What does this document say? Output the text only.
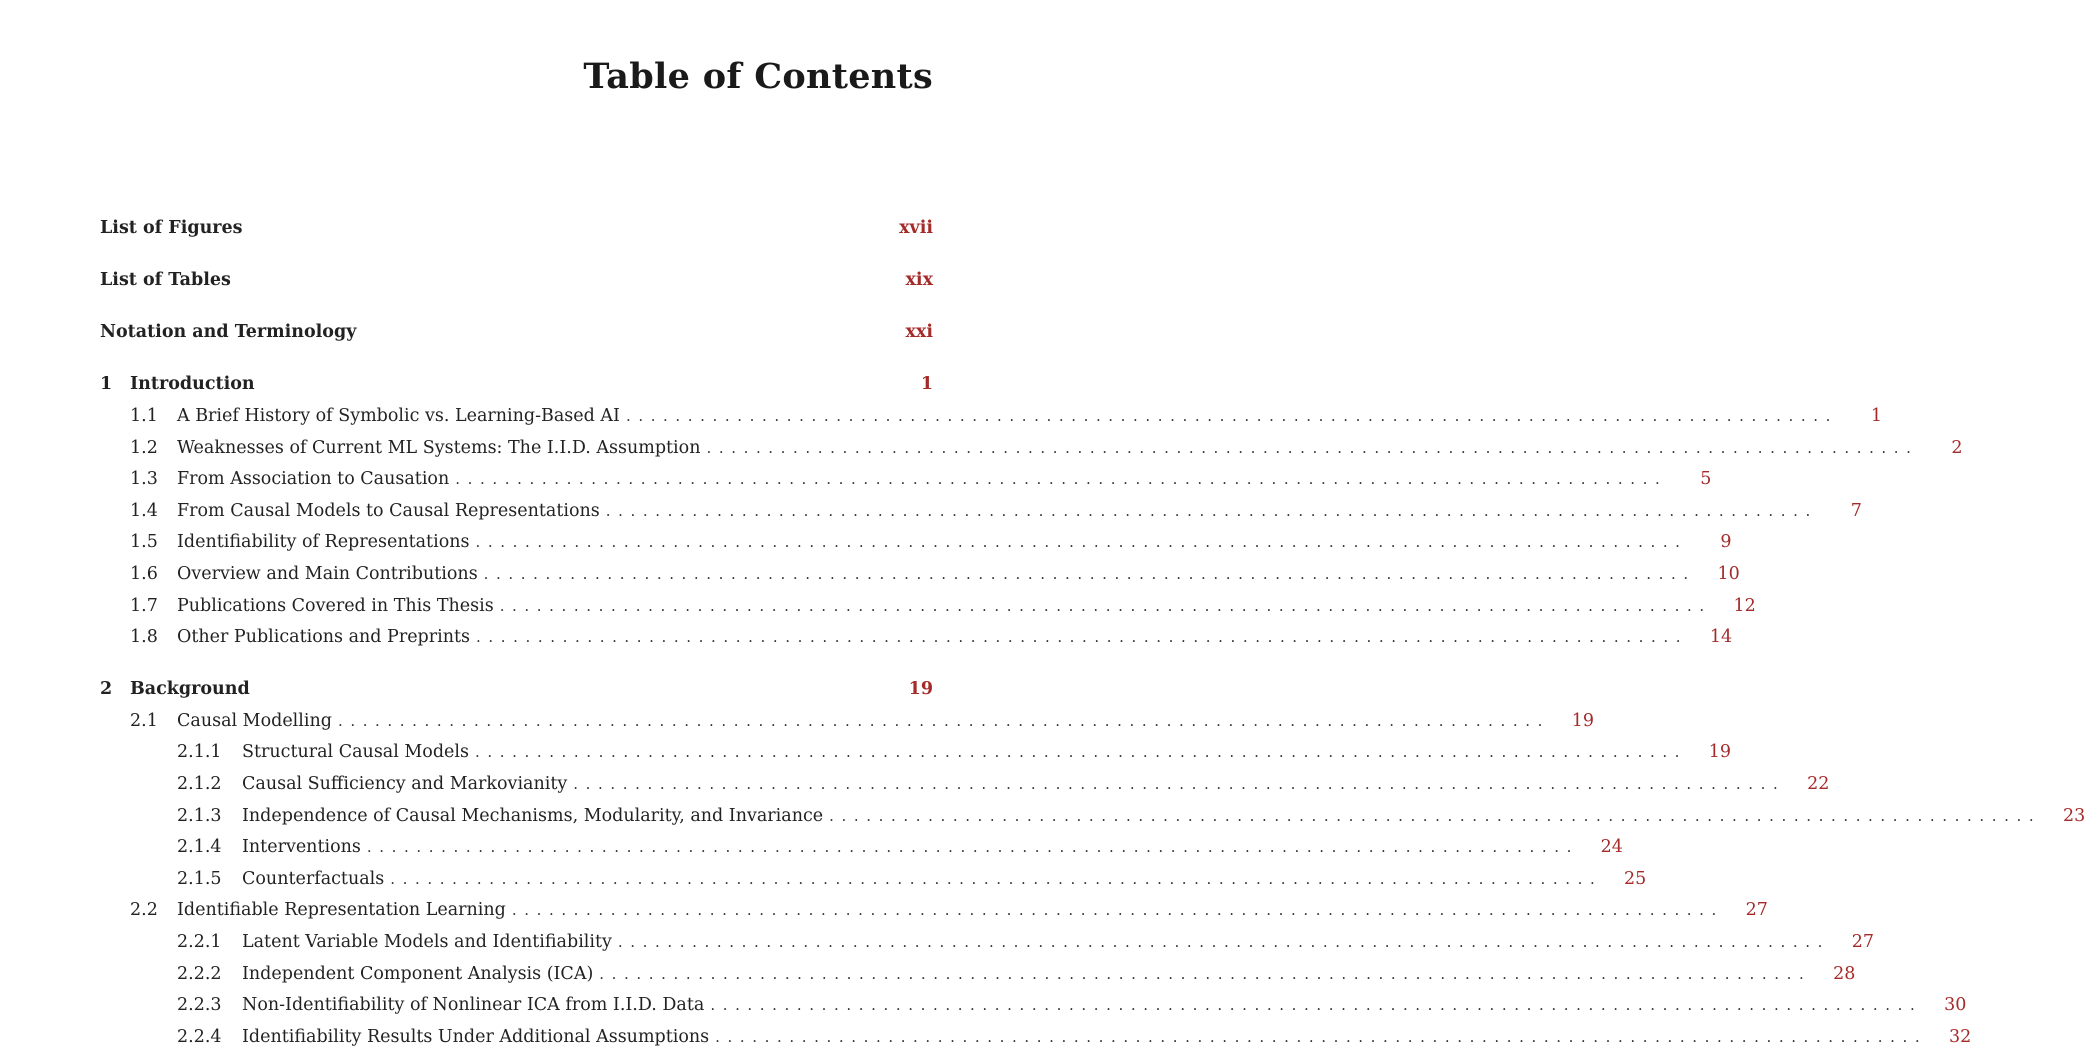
Table of Contents
List of Figures	xvii
List of Tables	xix
Notation and Terminology	xxi
1	Introduction	1
1.1	A Brief History of Symbolic vs. Learning-Based AI ..................................................................................................	1
1.2	Weaknesses of Current ML Systems: The I.I.D. Assumption ..................................................................................................	2
1.3	From Association to Causation ..................................................................................................	5
1.4	From Causal Models to Causal Representations ..................................................................................................	7
1.5	Identifiability of Representations ..................................................................................................	9
1.6	Overview and Main Contributions ..................................................................................................	10
1.7	Publications Covered in This Thesis ..................................................................................................	12
1.8	Other Publications and Preprints ..................................................................................................	14
2	Background	19
2.1	Causal Modelling ..................................................................................................	19
2.1.1	Structural Causal Models ..................................................................................................	19
2.1.2	Causal Sufficiency and Markovianity ..................................................................................................	22
2.1.3	Independence of Causal Mechanisms, Modularity, and Invariance ..................................................................................................	23
2.1.4	Interventions ..................................................................................................	24
2.1.5	Counterfactuals ..................................................................................................	25
2.2	Identifiable Representation Learning ..................................................................................................	27
2.2.1	Latent Variable Models and Identifiability ..................................................................................................	27
2.2.2	Independent Component Analysis (ICA) ..................................................................................................	28
2.2.3	Non-Identifiability of Nonlinear ICA from I.I.D. Data ..................................................................................................	30
2.2.4	Identifiability Results Under Additional Assumptions ..................................................................................................	32
